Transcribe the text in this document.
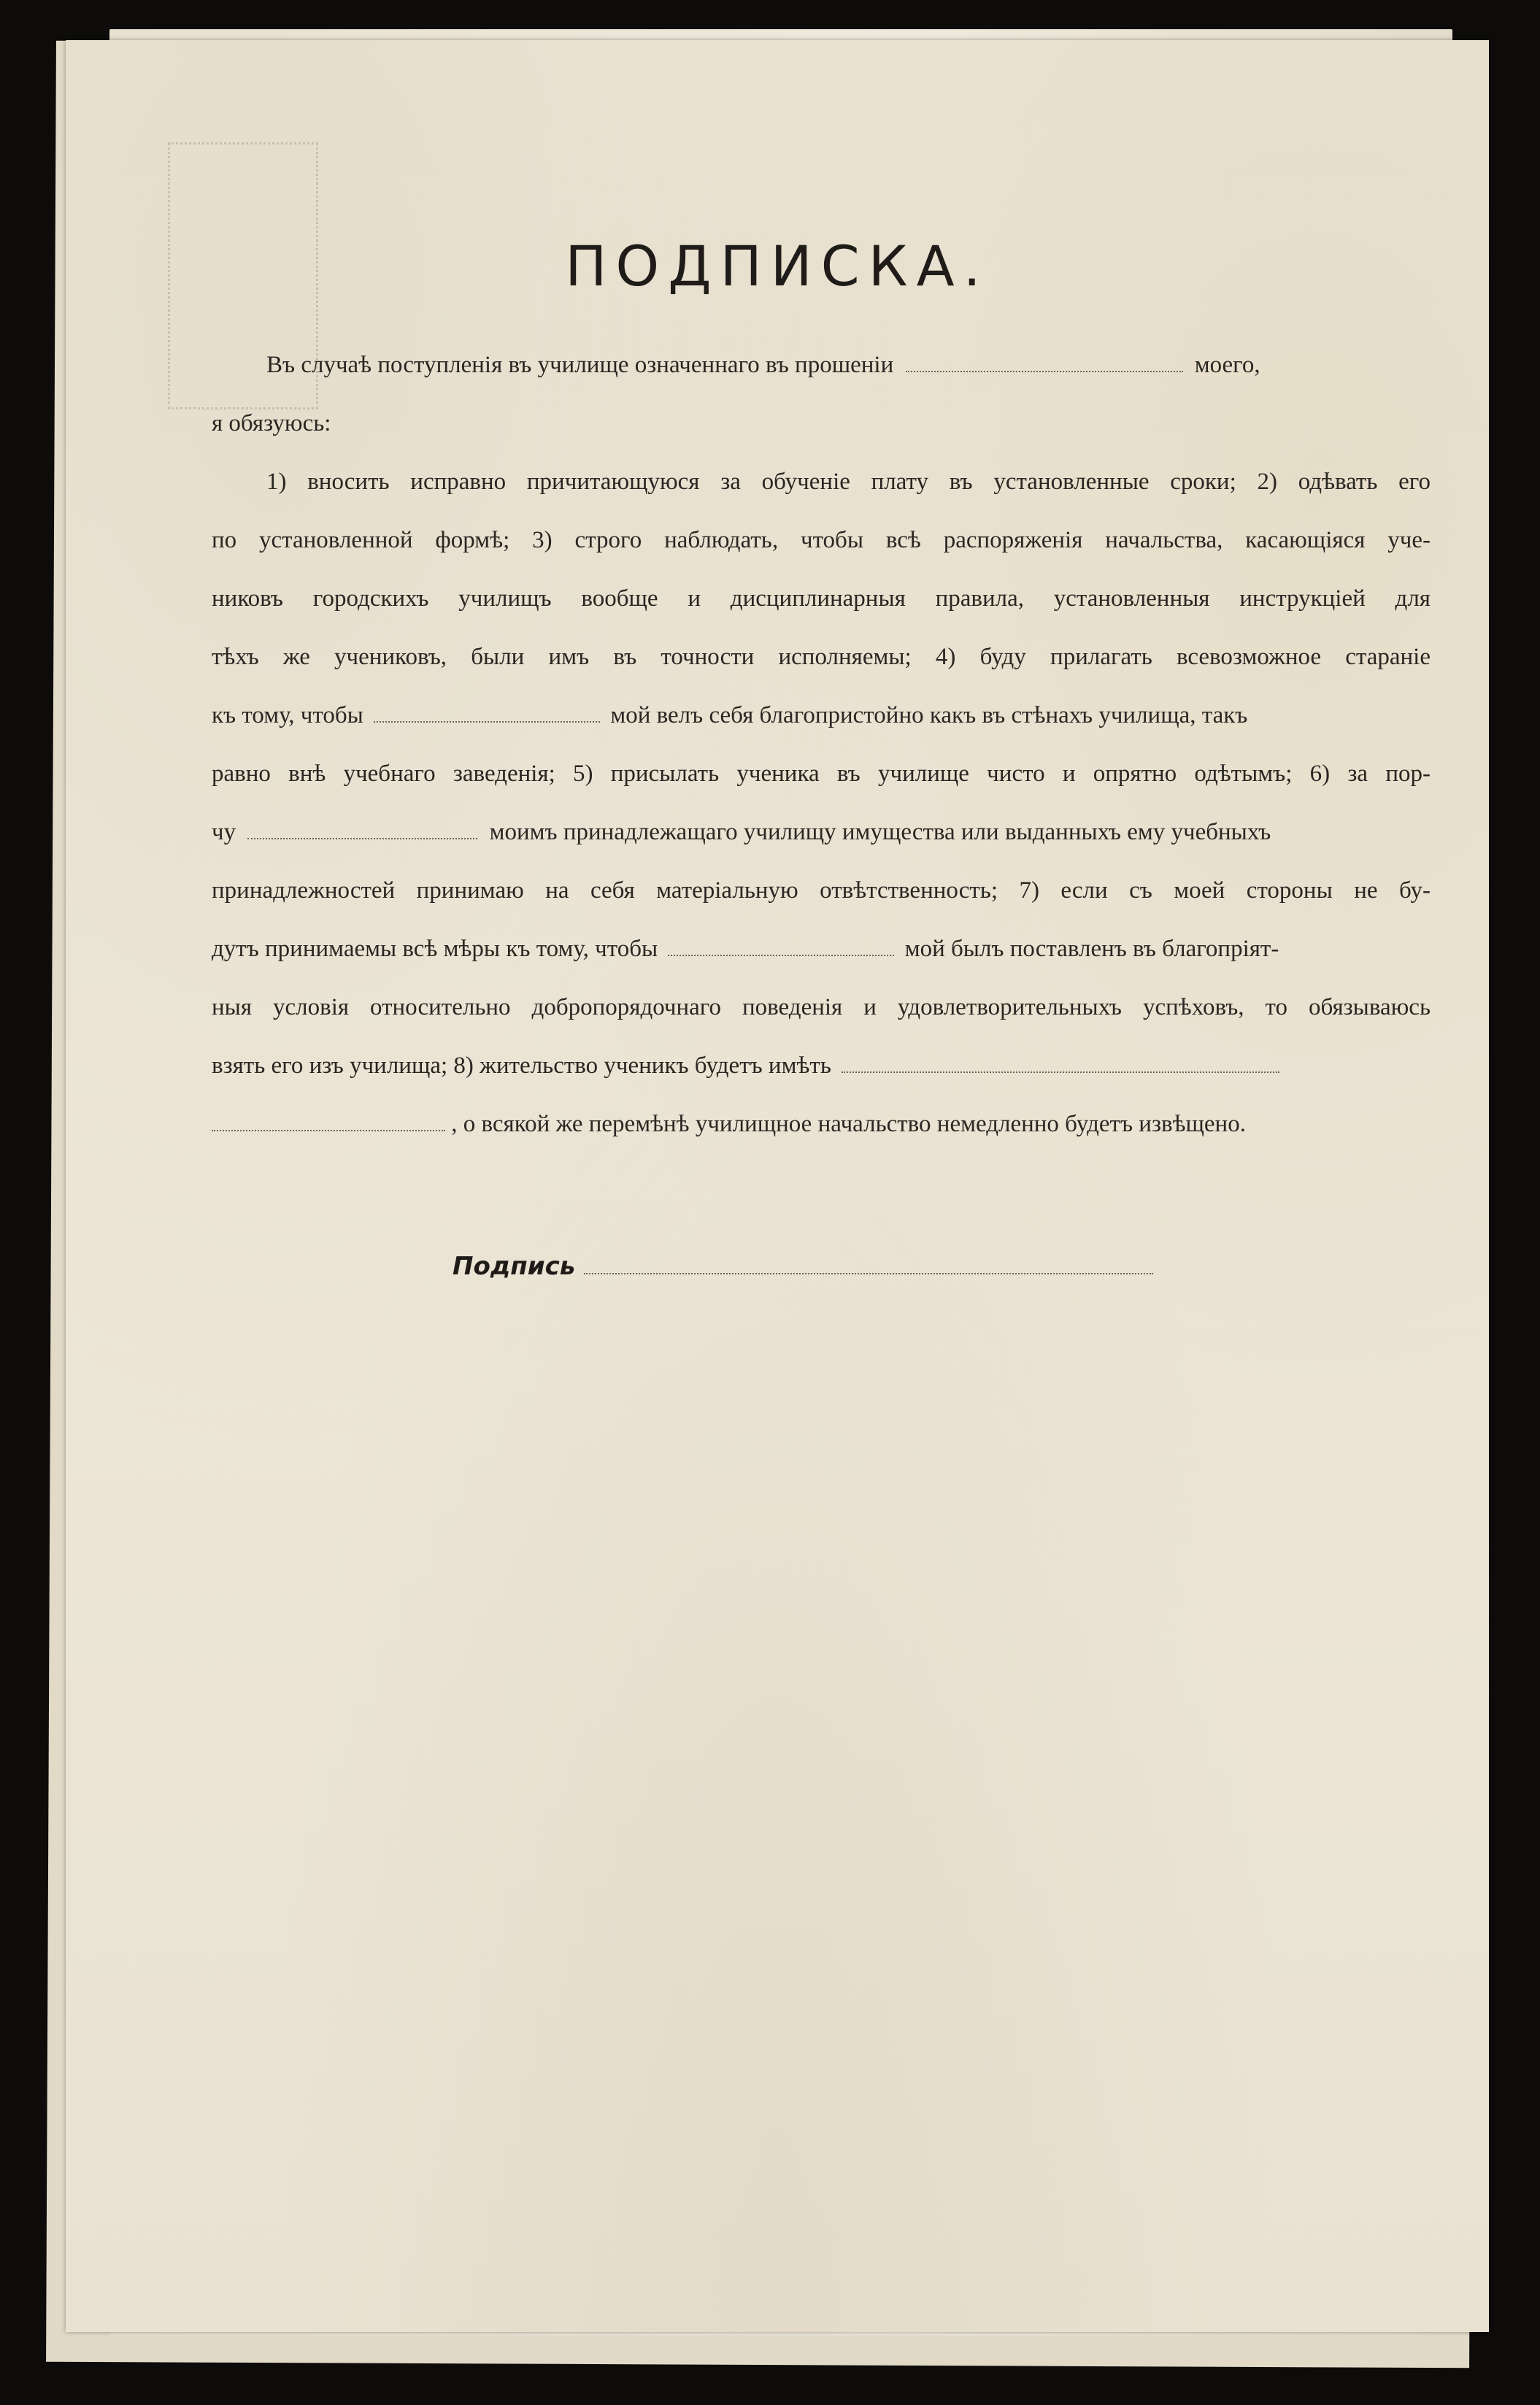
ПОДПИСКА.
Въ случаѣ поступленія въ училище означеннаго въ прошеніи	моего,
я обязуюсь:
1) вносить исправно причитающуюся за обученіе плату въ установленные сроки; 2) одѣвать его
по установленной формѣ; 3) строго наблюдать, чтобы всѣ распоряженія начальства, касающіяся уче-
никовъ городскихъ училищъ вообще и дисциплинарныя правила, установленныя инструкціей для
тѣхъ же учениковъ, были имъ въ точности исполняемы; 4) буду прилагать всевозможное стараніе
къ тому, чтобы	мой велъ себя благопристойно какъ въ стѣнахъ училища, такъ
равно внѣ учебнаго заведенія; 5) присылать ученика въ училище чисто и опрятно одѣтымъ; 6) за пор-
чу	моимъ принадлежащаго училищу имущества или выданныхъ ему учебныхъ
принадлежностей принимаю на себя матеріальную отвѣтственность; 7) если съ моей стороны не бу-
дутъ принимаемы всѣ мѣры къ тому, чтобы	мой былъ поставленъ въ благопріят-
ныя условія относительно добропорядочнаго поведенія и удовлетворительныхъ успѣховъ, то обязываюсь
взять его изъ училища; 8) жительство ученикъ будетъ имѣть
, о всякой же перемѣнѣ училищное начальство немедленно будетъ извѣщено.
Подпись
